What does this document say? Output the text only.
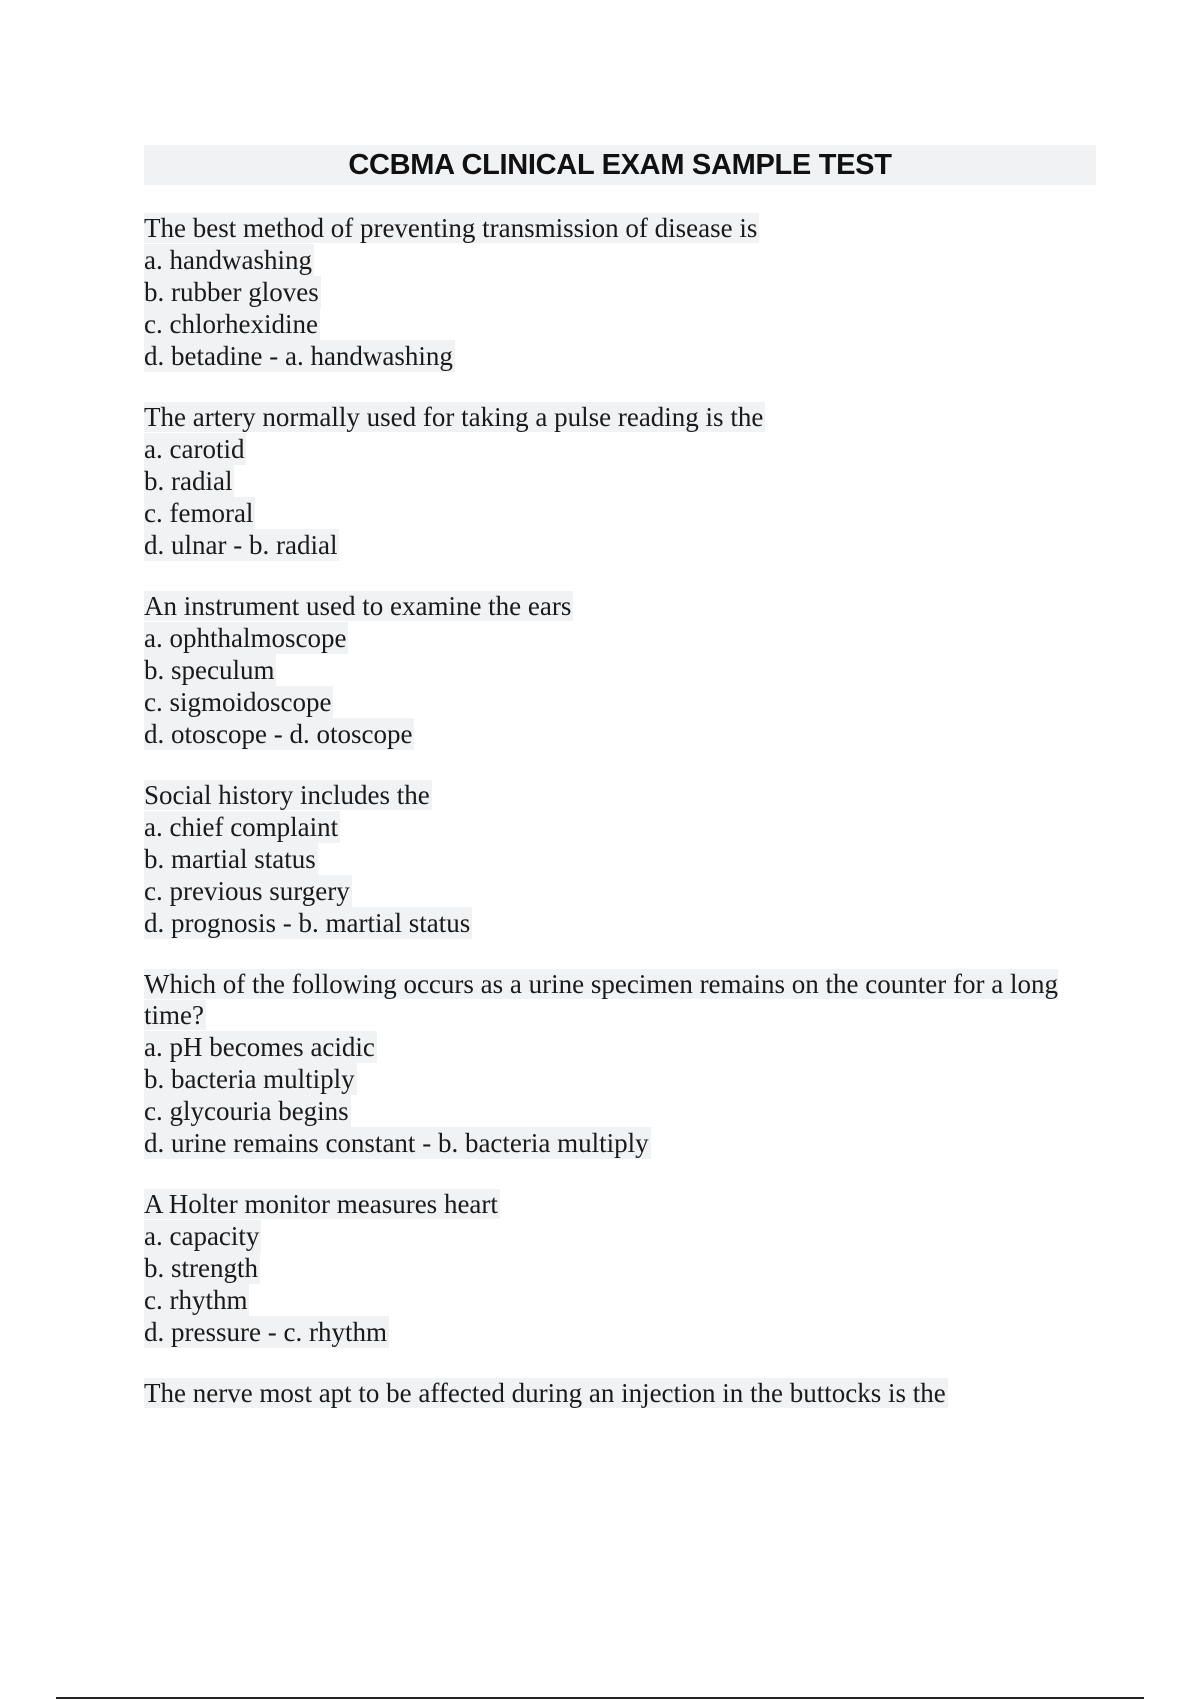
CCBMA CLINICAL EXAM SAMPLE TEST

The best method of preventing transmission of disease is

a. handwashing

b. rubber gloves

c. chlorhexidine

d. betadine - a. handwashing

The artery normally used for taking a pulse reading is the

a. carotid

b. radial

c. femoral

d. ulnar - b. radial

An instrument used to examine the ears

a. ophthalmoscope

b. speculum

c. sigmoidoscope

d. otoscope - d. otoscope

Social history includes the

a. chief complaint

b. martial status

c. previous surgery

d. prognosis - b. martial status

Which of the following occurs as a urine specimen remains on the counter for a long time?

a. pH becomes acidic

b. bacteria multiply

c. glycouria begins

d. urine remains constant - b. bacteria multiply

A Holter monitor measures heart

a. capacity

b. strength

c. rhythm

d. pressure - c. rhythm

The nerve most apt to be affected during an injection in the buttocks is the
